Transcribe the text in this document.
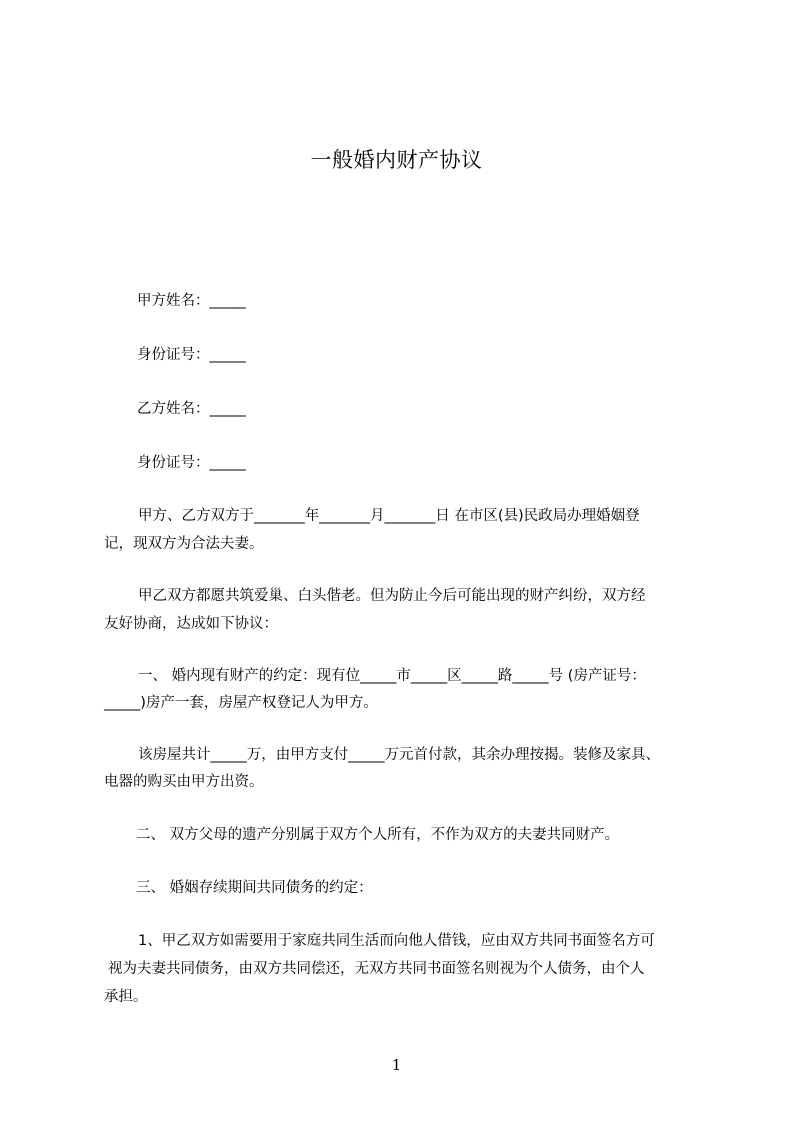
一般婚内财产协议
甲方姓名：_____
身份证号：_____
乙方姓名：_____
身份证号：_____
甲方、乙方双方于_______年_______月_______日 在市区(县)民政局办理婚姻登
记，现双方为合法夫妻。
甲乙双方都愿共筑爱巢、白头偕老。但为防止今后可能出现的财产纠纷，双方经
友好协商，达成如下协议：
一、 婚内现有财产的约定：现有位_____市_____区_____路_____号 (房产证号：
_____)房产一套，房屋产权登记人为甲方。
该房屋共计_____万，由甲方支付_____万元首付款，其余办理按揭。装修及家具、
电器的购买由甲方出资。
二、 双方父母的遗产分别属于双方个人所有，不作为双方的夫妻共同财产。
三、 婚姻存续期间共同债务的约定：
1、甲乙双方如需要用于家庭共同生活而向他人借钱，应由双方共同书面签名方可
视为夫妻共同债务，由双方共同偿还，无双方共同书面签名则视为个人债务，由个人
承担。
1
